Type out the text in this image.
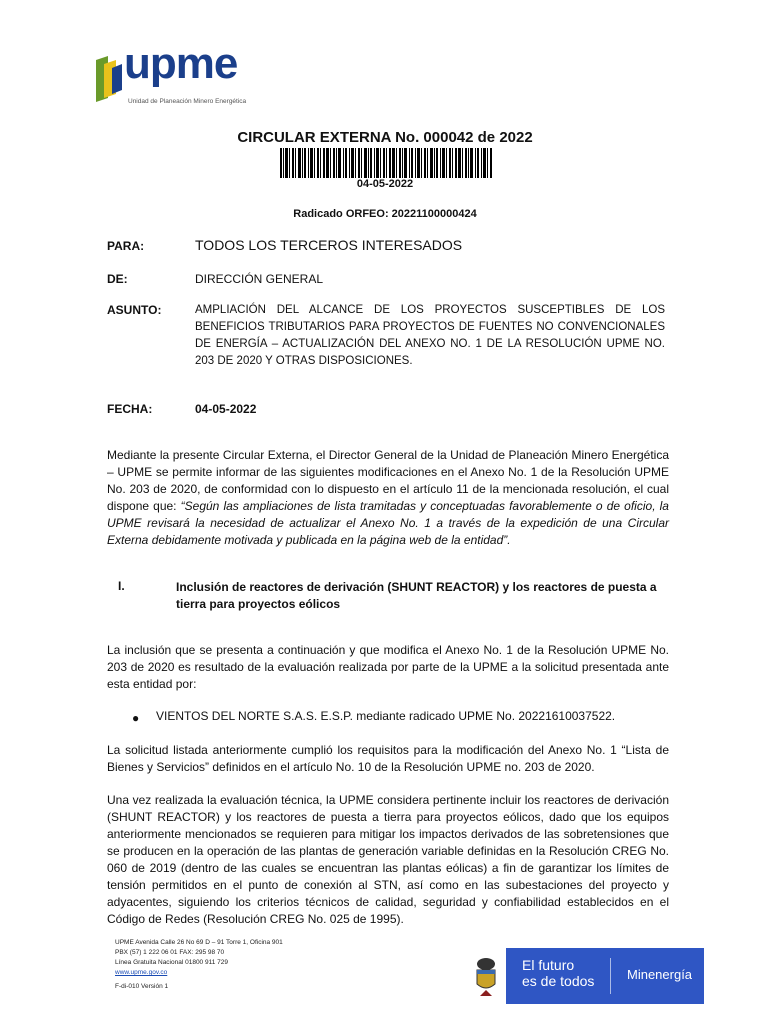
upme
Unidad de Planeación Minero Energética
CIRCULAR EXTERNA No. 000042 de 2022
04-05-2022
Radicado ORFEO: 20221100000424
PARA:	TODOS LOS TERCEROS INTERESADOS
DE:	DIRECCIÓN GENERAL
ASUNTO:	AMPLIACIÓN DEL ALCANCE DE LOS PROYECTOS SUSCEPTIBLES DE LOS BENEFICIOS TRIBUTARIOS PARA PROYECTOS DE FUENTES NO CONVENCIONALES DE ENERGÍA – ACTUALIZACIÓN DEL ANEXO NO. 1 DE LA RESOLUCIÓN UPME NO. 203 DE 2020 Y OTRAS DISPOSICIONES.
FECHA:	04-05-2022
Mediante la presente Circular Externa, el Director General de la Unidad de Planeación Minero Energética – UPME se permite informar de las siguientes modificaciones en el Anexo No. 1 de la Resolución UPME No. 203 de 2020, de conformidad con lo dispuesto en el artículo 11 de la mencionada resolución, el cual dispone que: “Según las ampliaciones de lista tramitadas y conceptuadas favorablemente o de oficio, la UPME revisará la necesidad de actualizar el Anexo No. 1 a través de la expedición de una Circular Externa debidamente motivada y publicada en la página web de la entidad”.
I.	Inclusión de reactores de derivación (SHUNT REACTOR) y los reactores de puesta a tierra para proyectos eólicos
La inclusión que se presenta a continuación y que modifica el Anexo No. 1 de la Resolución UPME No. 203 de 2020 es resultado de la evaluación realizada por parte de la UPME a la solicitud presentada ante esta entidad por:
● VIENTOS DEL NORTE S.A.S. E.S.P. mediante radicado UPME No. 20221610037522.
La solicitud listada anteriormente cumplió los requisitos para la modificación del Anexo No. 1 “Lista de Bienes y Servicios” definidos en el artículo No. 10 de la Resolución UPME no. 203 de 2020.
Una vez realizada la evaluación técnica, la UPME considera pertinente incluir los reactores de derivación (SHUNT REACTOR) y los reactores de puesta a tierra para proyectos eólicos, dado que los equipos anteriormente mencionados se requieren para mitigar los impactos derivados de las sobretensiones que se producen en la operación de las plantas de generación variable definidas en la Resolución CREG No. 060 de 2019 (dentro de las cuales se encuentran las plantas eólicas) a fin de garantizar los límites de tensión permitidos en el punto de conexión al STN, así como en las subestaciones del proyecto y adyacentes, siguiendo los criterios técnicos de calidad, seguridad y confiabilidad establecidos en el Código de Redes (Resolución CREG No. 025 de 1995).
UPME Avenida Calle 26 No 69 D – 91 Torre 1, Oficina 901
PBX (57) 1 222 06 01 FAX: 295 98 70
Línea Gratuita Nacional 01800 911 729
www.upme.gov.co
F-di-010 Versión 1
El futuro
es de todos	Minenergía
